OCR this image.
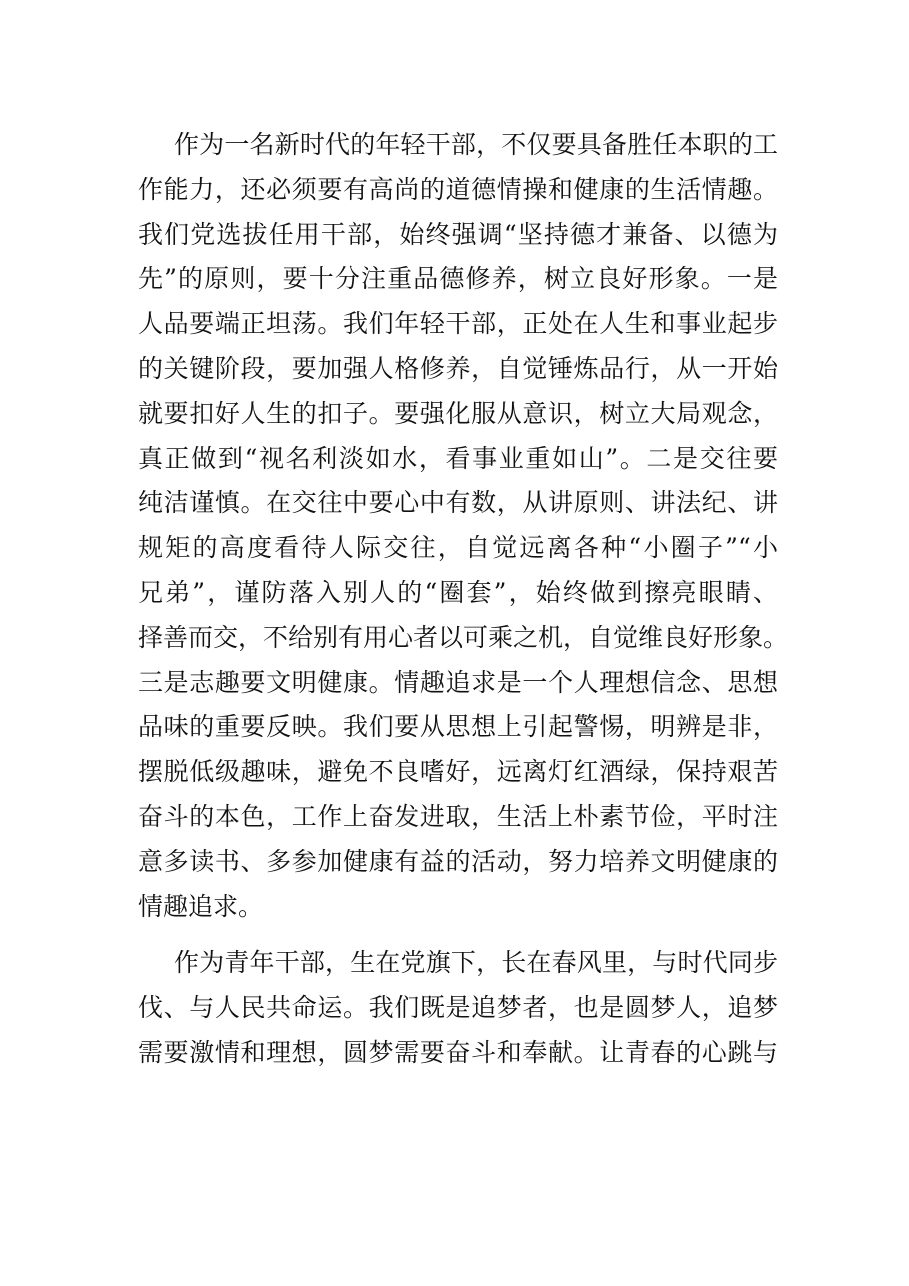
作为一名新时代的年轻干部，不仅要具备胜任本职的工
作能力，还必须要有高尚的道德情操和健康的生活情趣。
我们党选拔任用干部，始终强调“坚持德才兼备、以德为
先”的原则，要十分注重品德修养，树立良好形象。一是
人品要端正坦荡。我们年轻干部，正处在人生和事业起步
的关键阶段，要加强人格修养，自觉锤炼品行，从一开始
就要扣好人生的扣子。要强化服从意识，树立大局观念，
真正做到“视名利淡如水，看事业重如山”。二是交往要
纯洁谨慎。在交往中要心中有数，从讲原则、讲法纪、讲
规矩的高度看待人际交往，自觉远离各种“小圈子”“小
兄弟”，谨防落入别人的“圈套”，始终做到擦亮眼睛、
择善而交，不给别有用心者以可乘之机，自觉维良好形象。
三是志趣要文明健康。情趣追求是一个人理想信念、思想
品味的重要反映。我们要从思想上引起警惕，明辨是非，
摆脱低级趣味，避免不良嗜好，远离灯红酒绿，保持艰苦
奋斗的本色，工作上奋发进取，生活上朴素节俭，平时注
意多读书、多参加健康有益的活动，努力培养文明健康的
情趣追求。
作为青年干部，生在党旗下，长在春风里，与时代同步
伐、与人民共命运。我们既是追梦者，也是圆梦人，追梦
需要激情和理想，圆梦需要奋斗和奉献。让青春的心跳与
